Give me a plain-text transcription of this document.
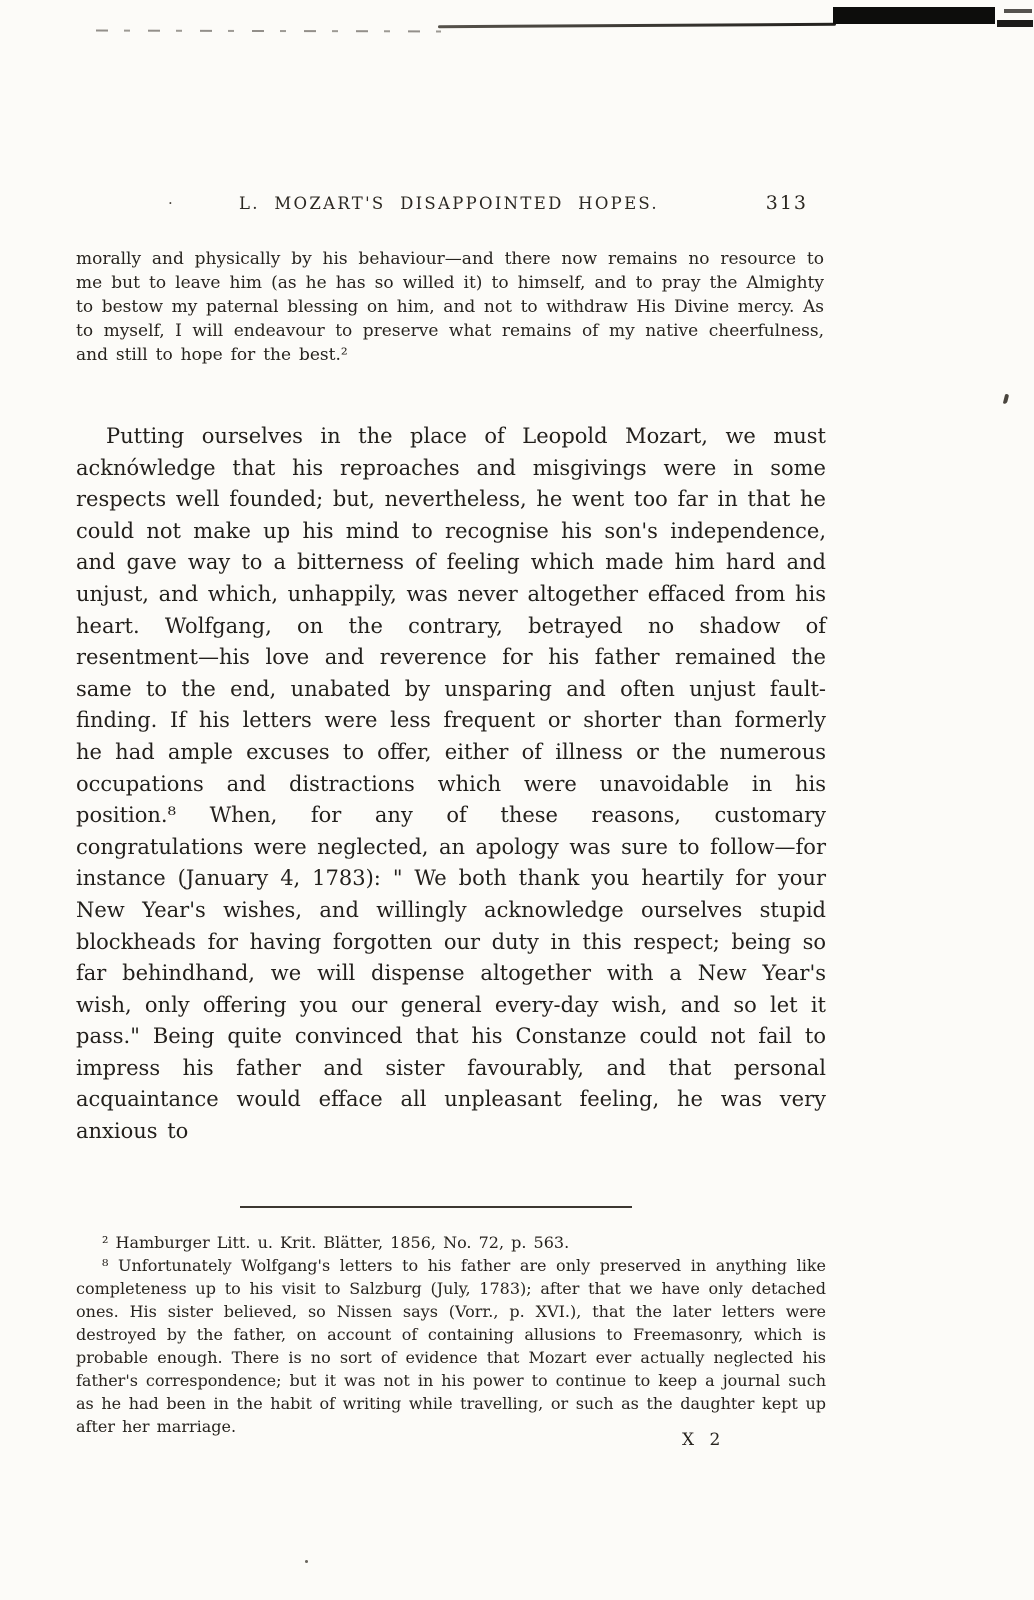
·	L. MOZART'S DISAPPOINTED HOPES.	313

morally and physically by his behaviour—and there now remains no resource to me but to leave him (as he has so willed it) to himself, and to pray the Almighty to bestow my paternal blessing on him, and not to withdraw His Divine mercy. As to myself, I will endeavour to preserve what remains of my native cheerfulness, and still to hope for the best.²

Putting ourselves in the place of Leopold Mozart, we must acknówledge that his reproaches and misgivings were in some respects well founded; but, nevertheless, he went too far in that he could not make up his mind to recognise his son's independence, and gave way to a bitterness of feeling which made him hard and unjust, and which, unhappily, was never altogether effaced from his heart. Wolfgang, on the contrary, betrayed no shadow of resentment—his love and reverence for his father remained the same to the end, unabated by unsparing and often unjust fault-finding. If his letters were less frequent or shorter than formerly he had ample excuses to offer, either of illness or the numerous occupations and distractions which were unavoidable in his position.⁸ When, for any of these reasons, customary congratulations were neglected, an apology was sure to follow—for instance (January 4, 1783): " We both thank you heartily for your New Year's wishes, and willingly acknowledge ourselves stupid blockheads for having forgotten our duty in this respect; being so far behindhand, we will dispense altogether with a New Year's wish, only offering you our general every-day wish, and so let it pass." Being quite convinced that his Constanze could not fail to impress his father and sister favourably, and that personal acquaintance would efface all unpleasant feeling, he was very anxious to

² Hamburger Litt. u. Krit. Blätter, 1856, No. 72, p. 563.

⁸ Unfortunately Wolfgang's letters to his father are only preserved in anything like completeness up to his visit to Salzburg (July, 1783); after that we have only detached ones. His sister believed, so Nissen says (Vorr., p. XVI.), that the later letters were destroyed by the father, on account of containing allusions to Freemasonry, which is probable enough. There is no sort of evidence that Mozart ever actually neglected his father's correspondence; but it was not in his power to continue to keep a journal such as he had been in the habit of writing while travelling, or such as the daughter kept up after her marriage.

X 2
